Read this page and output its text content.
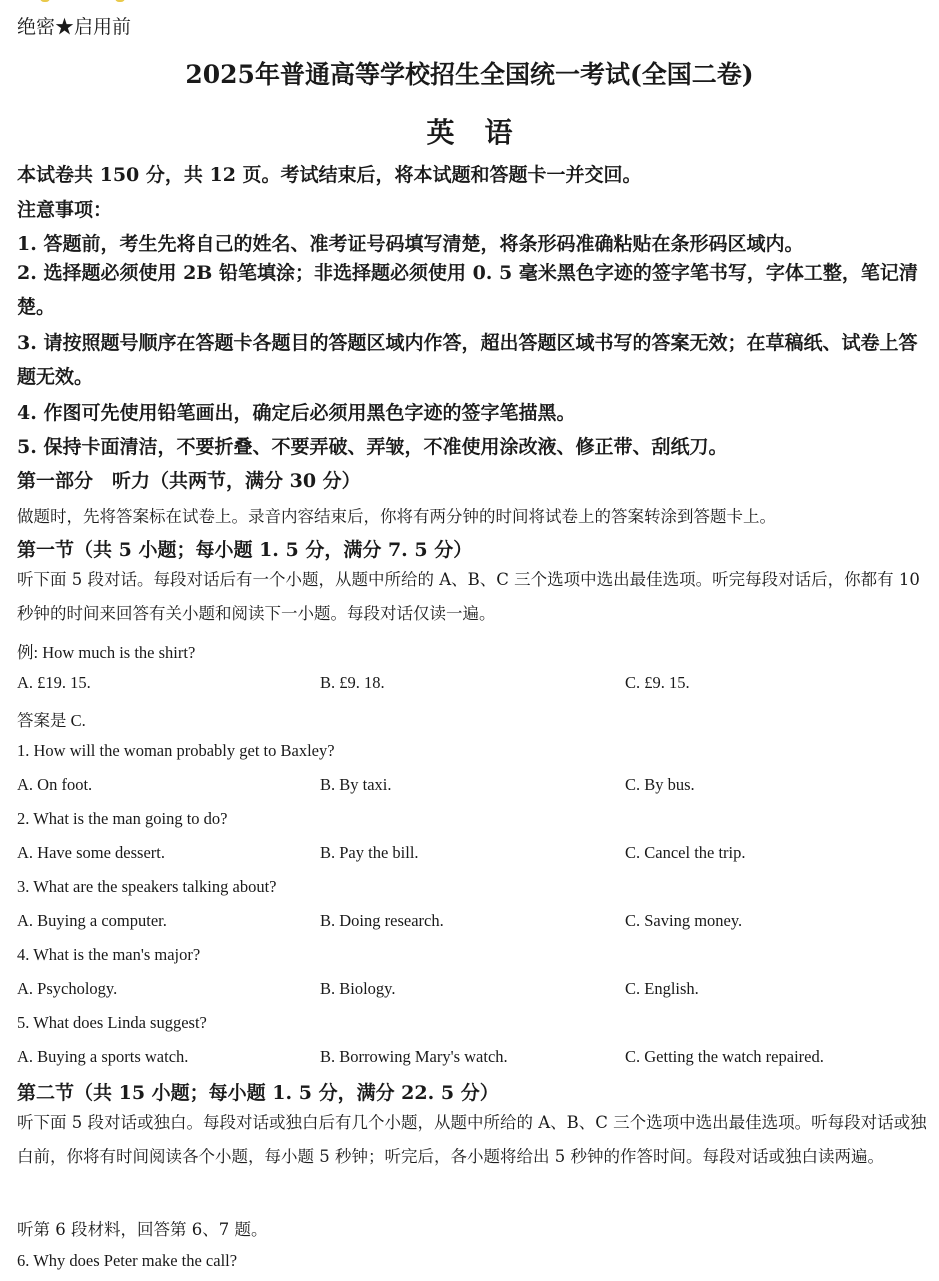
绝密★启用前
2025年普通高等学校招生全国统一考试(全国二卷)
英语
本试卷共 150 分，共 12 页。考试结束后，将本试题和答题卡一并交回。
注意事项：
1. 答题前，考生先将自己的姓名、准考证号码填写清楚，将条形码准确粘贴在条形码区域内。
2. 选择题必须使用 2B 铅笔填涂；非选择题必须使用 0. 5 毫米黑色字迹的签字笔书写，字体工整，笔记清楚。
3. 请按照题号顺序在答题卡各题目的答题区域内作答，超出答题区域书写的答案无效；在草稿纸、试卷上答题无效。
4. 作图可先使用铅笔画出，确定后必须用黑色字迹的签字笔描黑。
5. 保持卡面清洁，不要折叠、不要弄破、弄皱，不准使用涂改液、修正带、刮纸刀。
第一部分　听力（共两节，满分 30 分）
做题时，先将答案标在试卷上。录音内容结束后，你将有两分钟的时间将试卷上的答案转涂到答题卡上。
第一节（共 5 小题；每小题 1. 5 分，满分 7. 5 分）
听下面 5 段对话。每段对话后有一个小题，从题中所给的 A、B、C 三个选项中选出最佳选项。听完每段对话后，你都有 10 秒钟的时间来回答有关小题和阅读下一小题。每段对话仅读一遍。
例: How much is the shirt?
A. £19. 15.	B. £9. 18.	C. £9. 15.
答案是 C.
1. How will the woman probably get to Baxley?
A. On foot.	B. By taxi.	C. By bus.
2. What is the man going to do?
A. Have some dessert.	B. Pay the bill.	C. Cancel the trip.
3. What are the speakers talking about?
A. Buying a computer.	B. Doing research.	C. Saving money.
4. What is the man's major?
A. Psychology.	B. Biology.	C. English.
5. What does Linda suggest?
A. Buying a sports watch.	B. Borrowing Mary's watch.	C. Getting the watch repaired.
第二节（共 15 小题；每小题 1. 5 分，满分 22. 5 分）
听下面 5 段对话或独白。每段对话或独白后有几个小题，从题中所给的 A、B、C 三个选项中选出最佳选项。听每段对话或独白前，你将有时间阅读各个小题，每小题 5 秒钟；听完后，各小题将给出 5 秒钟的作答时间。每段对话或独白读两遍。
听第 6 段材料，回答第 6、7 题。
6. Why does Peter make the call?
